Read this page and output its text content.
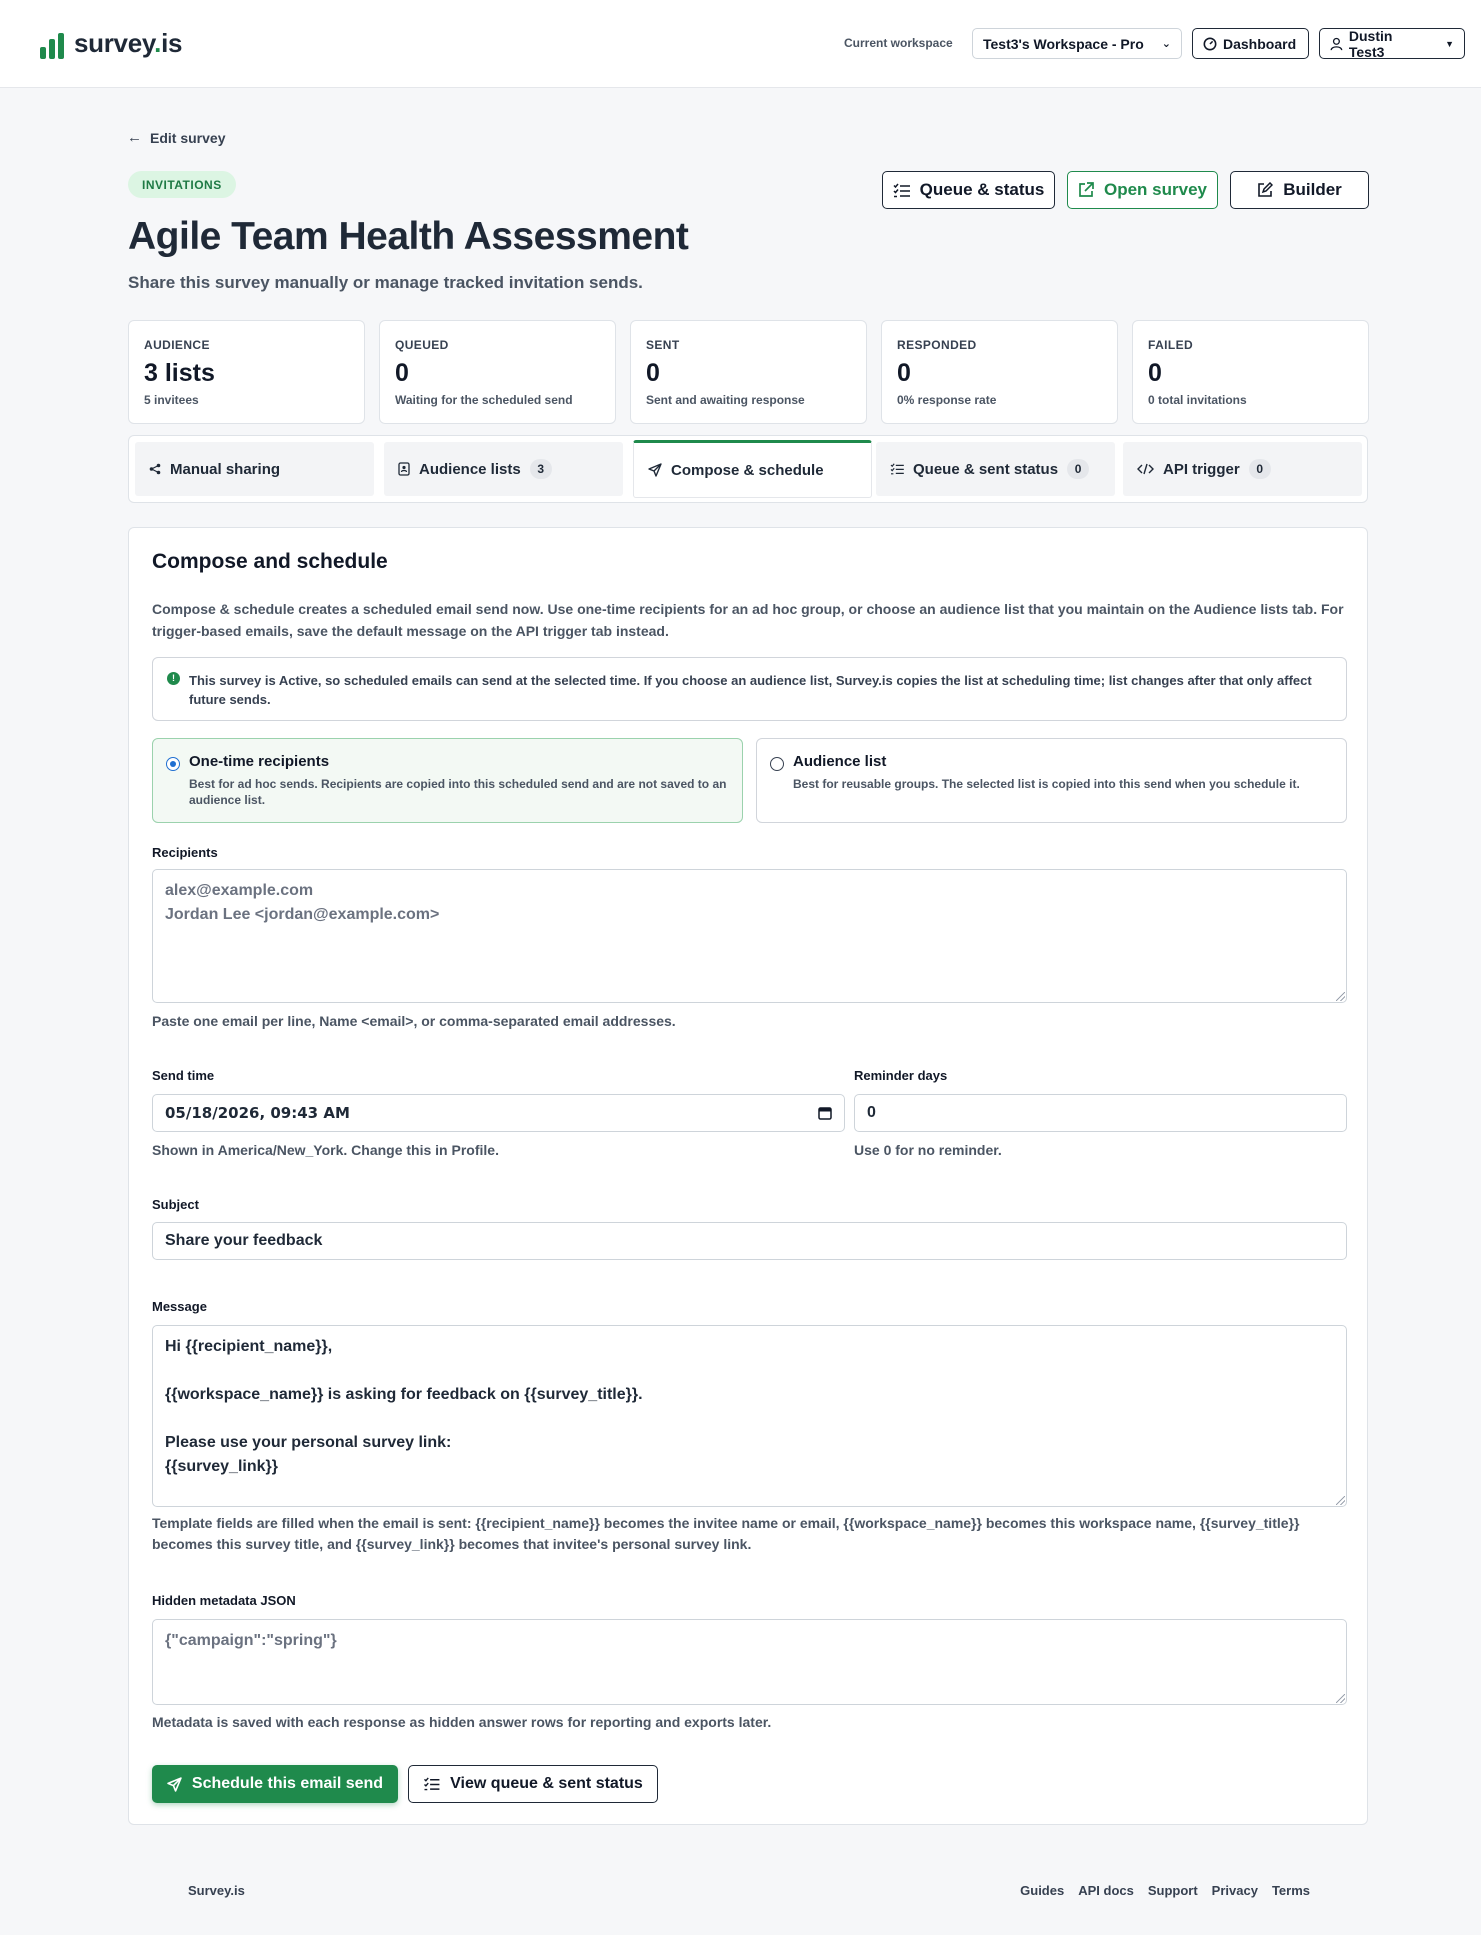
survey.is	Current workspace Test3's Workspace - Pro ⌄	Dashboard	Dustin Test3	▼
← Edit survey
INVITATIONS	Queue & status	Open survey	Builder
Agile Team Health Assessment

Share this survey manually or manage tracked invitation sends.

AUDIENCE
3 lists
5 invitees
QUEUED
0
Waiting for the scheduled send
SENT
0
Sent and awaiting response
RESPONDED
0
0% response rate
FAILED
0
0 total invitations
Manual sharing	Audience lists	3	Compose & schedule	Queue & sent status	0	API trigger	0
Compose and schedule

Compose & schedule creates a scheduled email send now. Use one-time recipients for an ad hoc group, or choose an audience list that you maintain on the Audience lists tab. For trigger-based emails, save the default message on the API trigger tab instead.

!	This survey is Active, so scheduled emails can send at the selected time. If you choose an audience list, Survey.is copies the list at scheduling time; list changes after that only affect future sends.
One-time recipients
Best for ad hoc sends. Recipients are copied into this scheduled send and are not saved to an audience list.
Audience list
Best for reusable groups. The selected list is copied into this send when you schedule it.
Recipients
alex@example.com
Jordan Lee <jordan@example.com>

Paste one email per line, Name <email>, or comma-separated email addresses.

Send time
05/18/2026, 09:43 AM

Shown in America/New_York. Change this in Profile.

Reminder days
0

Use 0 for no reminder.

Subject
Share your feedback
Message
Hi {{recipient_name}},

{{workspace_name}} is asking for feedback on {{survey_title}}.

Please use your personal survey link:
{{survey_link}}

Template fields are filled when the email is sent: {{recipient_name}} becomes the invitee name or email, {{workspace_name}} becomes this workspace name, {{survey_title}} becomes this survey title, and {{survey_link}} becomes that invitee's personal survey link.

Hidden metadata JSON
{"campaign":"spring"}

Metadata is saved with each response as hidden answer rows for reporting and exports later.

Schedule this email send	View queue & sent status
Survey.is	Guides API docs Support Privacy Terms
